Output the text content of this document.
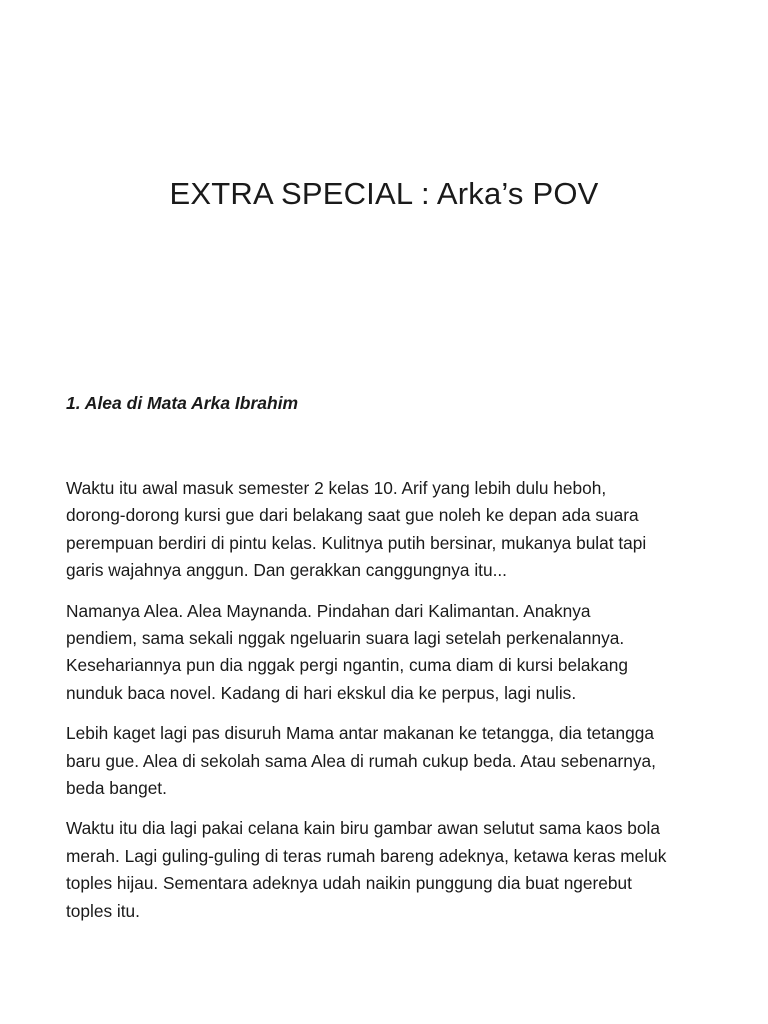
EXTRA SPECIAL : Arka’s POV
1. Alea di Mata Arka Ibrahim

Waktu itu awal masuk semester 2 kelas 10. Arif yang lebih dulu heboh,
dorong-dorong kursi gue dari belakang saat gue noleh ke depan ada suara
perempuan berdiri di pintu kelas. Kulitnya putih bersinar, mukanya bulat tapi
garis wajahnya anggun. Dan gerakkan canggungnya itu...

Namanya Alea. Alea Maynanda. Pindahan dari Kalimantan. Anaknya
pendiem, sama sekali nggak ngeluarin suara lagi setelah perkenalannya.
Kesehariannya pun dia nggak pergi ngantin, cuma diam di kursi belakang
nunduk baca novel. Kadang di hari ekskul dia ke perpus, lagi nulis.

Lebih kaget lagi pas disuruh Mama antar makanan ke tetangga, dia tetangga
baru gue. Alea di sekolah sama Alea di rumah cukup beda. Atau sebenarnya,
beda banget.

Waktu itu dia lagi pakai celana kain biru gambar awan selutut sama kaos bola
merah. Lagi guling-guling di teras rumah bareng adeknya, ketawa keras meluk
toples hijau. Sementara adeknya udah naikin punggung dia buat ngerebut
toples itu.
